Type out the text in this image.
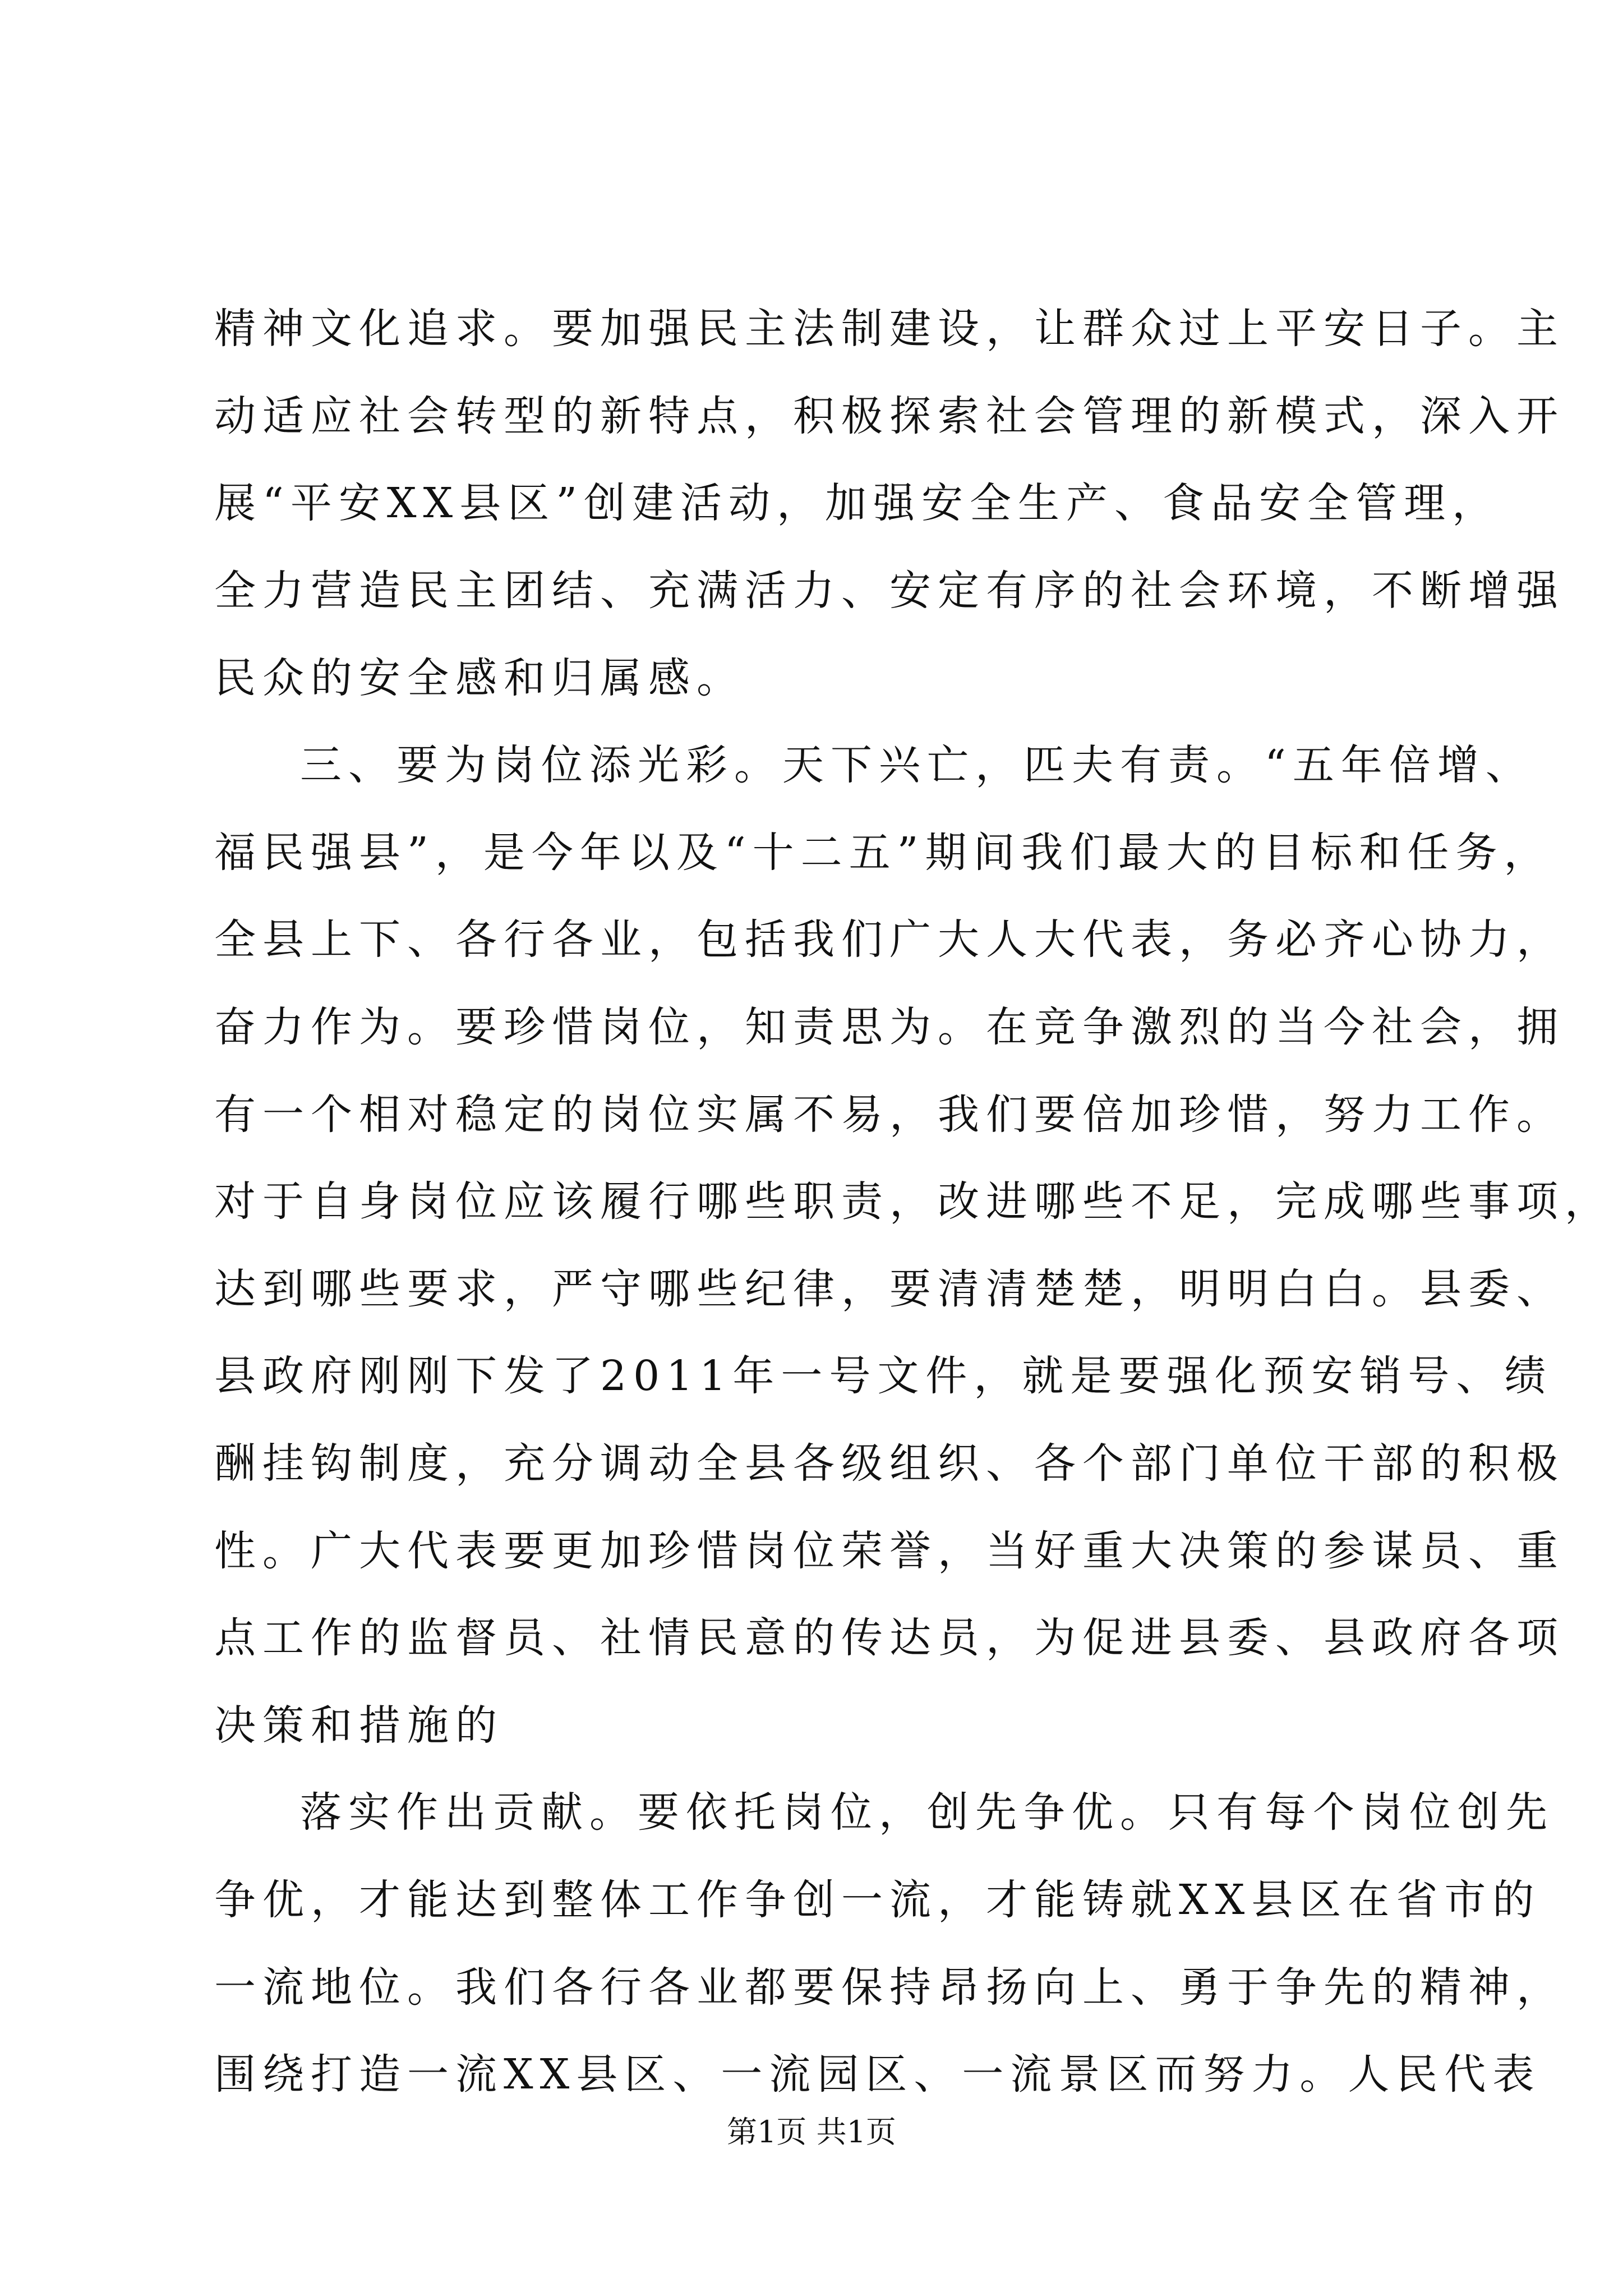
精神文化追求。要加强民主法制建设，让群众过上平安日子。主

动适应社会转型的新特点，积极探索社会管理的新模式，深入开

展“平安XX县区”创建活动，加强安全生产、食品安全管理，

全力营造民主团结、充满活力、安定有序的社会环境，不断增强

民众的安全感和归属感。

三、要为岗位添光彩。天下兴亡，匹夫有责。“五年倍增、

福民强县”，是今年以及“十二五”期间我们最大的目标和任务，

全县上下、各行各业，包括我们广大人大代表，务必齐心协力，

奋力作为。要珍惜岗位，知责思为。在竞争激烈的当今社会，拥

有一个相对稳定的岗位实属不易，我们要倍加珍惜，努力工作。

对于自身岗位应该履行哪些职责，改进哪些不足，完成哪些事项，

达到哪些要求，严守哪些纪律，要清清楚楚，明明白白。县委、

县政府刚刚下发了2011年一号文件，就是要强化预安销号、绩

酬挂钩制度，充分调动全县各级组织、各个部门单位干部的积极

性。广大代表要更加珍惜岗位荣誉，当好重大决策的参谋员、重

点工作的监督员、社情民意的传达员，为促进县委、县政府各项

决策和措施的

落实作出贡献。要依托岗位，创先争优。只有每个岗位创先

争优，才能达到整体工作争创一流，才能铸就XX县区在省市的

一流地位。我们各行各业都要保持昂扬向上、勇于争先的精神，

围绕打造一流XX县区、一流园区、一流景区而努力。人民代表

第1页 共1页
